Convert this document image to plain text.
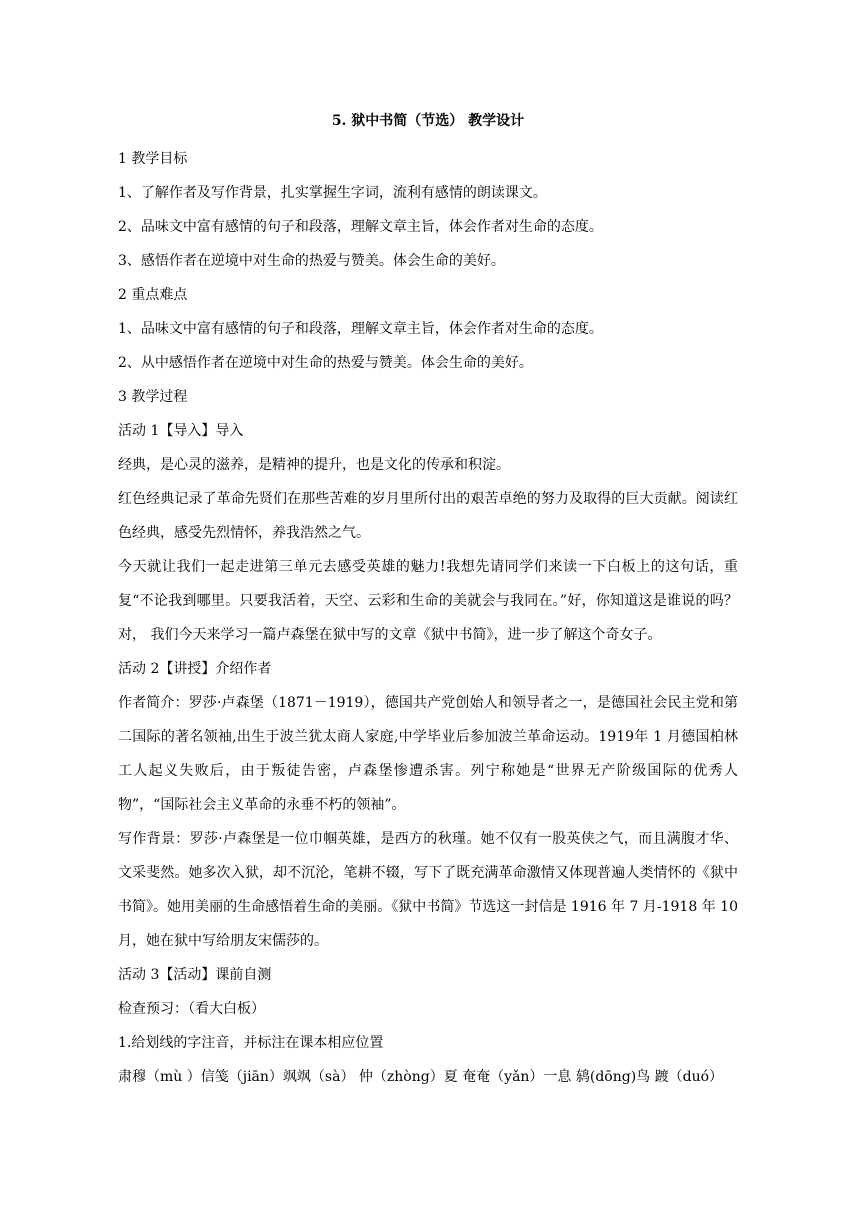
5. 狱中书简（节选） 教学设计

1 教学目标

1、了解作者及写作背景，扎实掌握生字词，流利有感情的朗读课文。

2、品味文中富有感情的句子和段落，理解文章主旨，体会作者对生命的态度。

3、感悟作者在逆境中对生命的热爱与赞美。体会生命的美好。

2 重点难点

1、品味文中富有感情的句子和段落，理解文章主旨，体会作者对生命的态度。

2、从中感悟作者在逆境中对生命的热爱与赞美。体会生命的美好。

3 教学过程

活动 1【导入】导入

经典，是心灵的滋养，是精神的提升，也是文化的传承和积淀。

红色经典记录了革命先贤们在那些苦难的岁月里所付出的艰苦卓绝的努力及取得的巨大贡献。阅读红色经典，感受先烈情怀，养我浩然之气。

今天就让我们一起走进第三单元去感受英雄的魅力!我想先请同学们来读一下白板上的这句话，重复“不论我到哪里。只要我活着，天空、云彩和生命的美就会与我同在。”好，你知道这是谁说的吗？对， 我们今天来学习一篇卢森堡在狱中写的文章《狱中书简》，进一步了解这个奇女子。

活动 2【讲授】介绍作者

作者简介：罗莎·卢森堡（1871－1919），德国共产党创始人和领导者之一，是德国社会民主党和第二国际的著名领袖,出生于波兰犹太商人家庭,中学毕业后参加波兰革命运动。1919年 1 月德国柏林工人起义失败后，由于叛徒告密，卢森堡惨遭杀害。列宁称她是“世界无产阶级国际的优秀人物”，“国际社会主义革命的永垂不朽的领袖”。

写作背景：罗莎·卢森堡是一位巾帼英雄，是西方的秋瑾。她不仅有一股英侠之气，而且满腹才华、文采斐然。她多次入狱，却不沉沦，笔耕不辍，写下了既充满革命激情又体现普遍人类情怀的《狱中书简》。她用美丽的生命感悟着生命的美丽。《狱中书简》节选这一封信是 1916 年 7 月-1918 年 10 月，她在狱中写给朋友宋儒莎的。

活动 3【活动】课前自测

检查预习：（看大白板）

1.给划线的字注音，并标注在课本相应位置

肃穆（mù ）信笺（jiān）飒飒（sà） 仲（zhòng）夏 奄奄（yǎn）一息 鸫(dōng)鸟 踱（duó）
